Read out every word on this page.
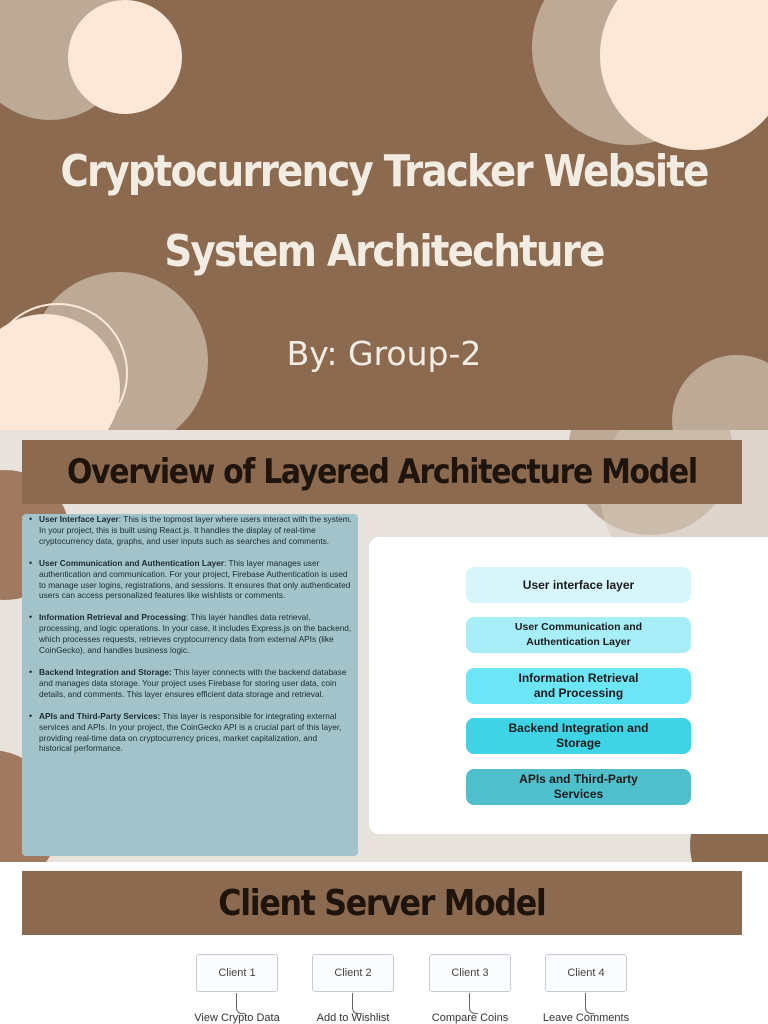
Cryptocurrency Tracker Website
System Architechture
By: Group-2
Overview of Layered Architecture Model
• User Interface Layer: This is the topmost layer where users interact with the system. In your project, this is built using React.js. It handles the display of real-time cryptocurrency data, graphs, and user inputs such as searches and comments.
• User Communication and Authentication Layer: This layer manages user authentication and communication. For your project, Firebase Authentication is used to manage user logins, registrations, and sessions. It ensures that only authenticated users can access personalized features like wishlists or comments.
• Information Retrieval and Processing: This layer handles data retrieval, processing, and logic operations. In your case, it includes Express.js on the backend, which processes requests, retrieves cryptocurrency data from external APIs (like CoinGecko), and handles business logic.
• Backend Integration and Storage: This layer connects with the backend database and manages data storage. Your project uses Firebase for storing user data, coin details, and comments. This layer ensures efficient data storage and retrieval.
• APIs and Third-Party Services: This layer is responsible for integrating external services and APIs. In your project, the CoinGecko API is a crucial part of this layer, providing real-time data on cryptocurrency prices, market capitalization, and historical performance.
User interface layer
User Communication and
Authentication Layer
Information Retrieval
and Processing
Backend Integration and
Storage
APIs and Third-Party
Services
Client Server Model
Client 1	Client 2	Client 3	Client 4
View Crypto Data	Add to Wishlist	Compare Coins	Leave Comments
